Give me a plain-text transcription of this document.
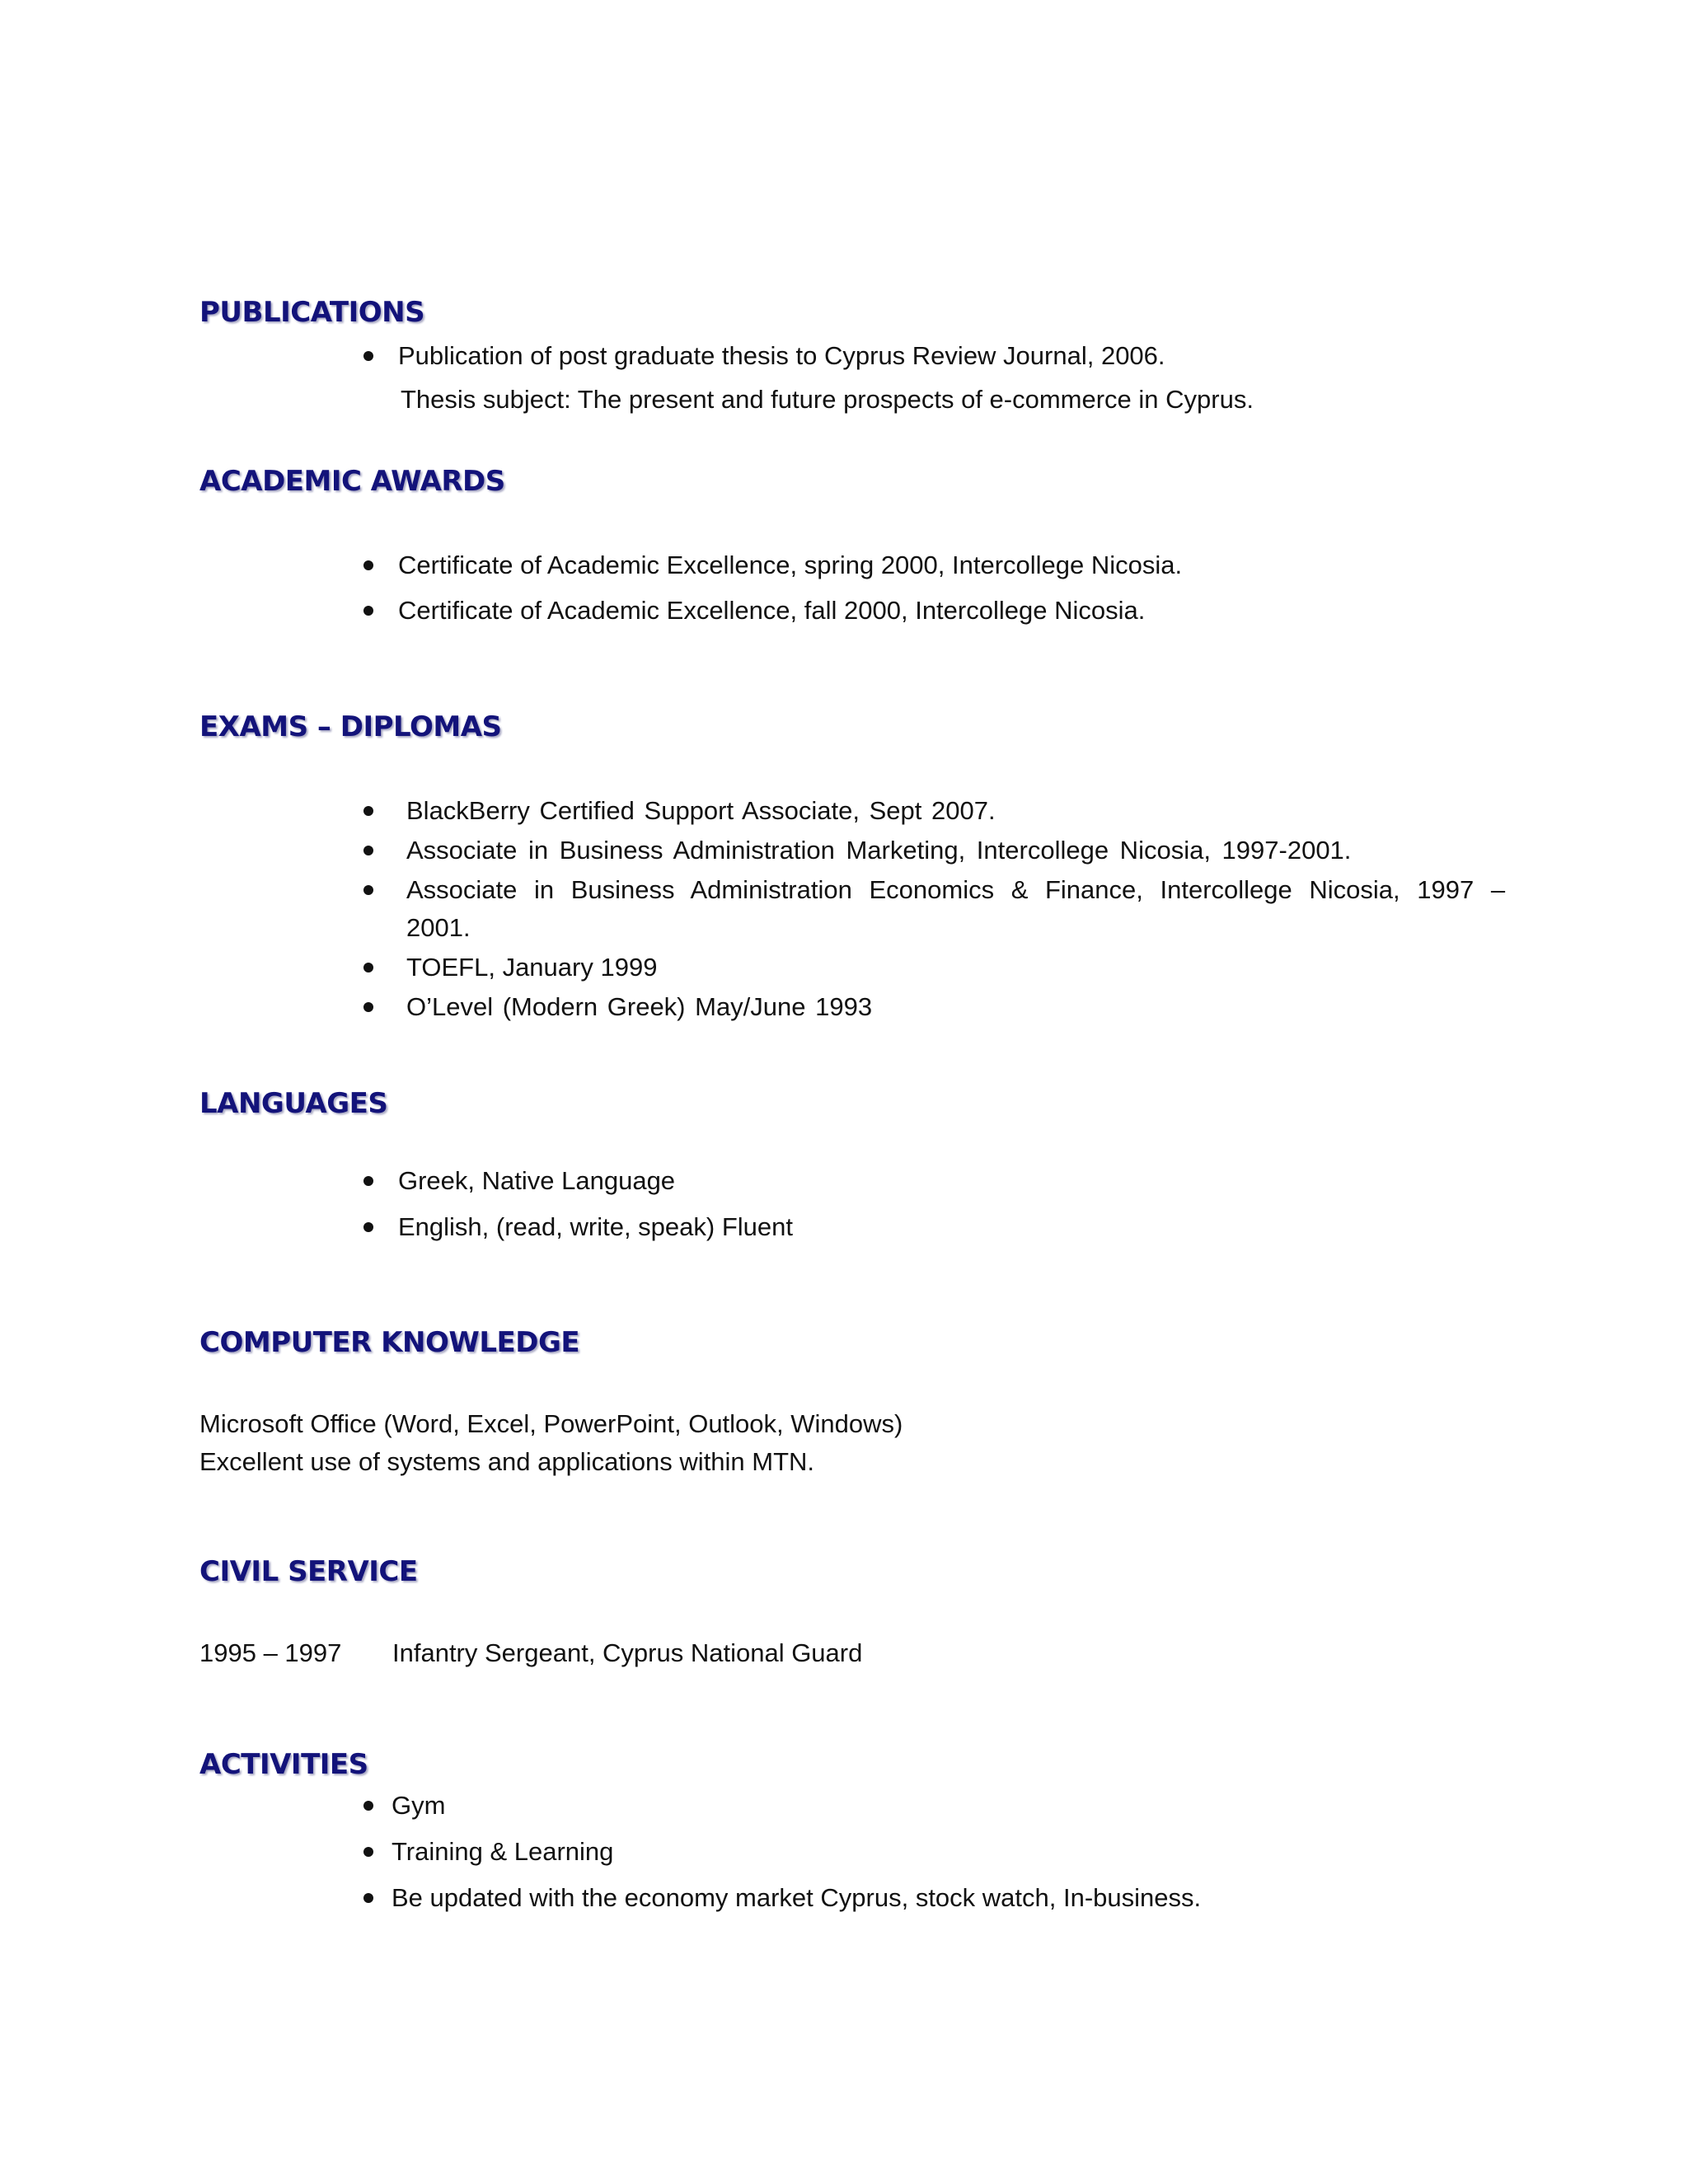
PUBLICATIONS

Publication of post graduate thesis to Cyprus Review Journal, 2006.

Thesis subject: The present and future prospects of e-commerce in Cyprus.

ACADEMIC AWARDS

Certificate of Academic Excellence, spring 2000, Intercollege Nicosia.

Certificate of Academic Excellence, fall 2000, Intercollege Nicosia.

EXAMS – DIPLOMAS

BlackBerry Certified Support Associate, Sept 2007.

Associate in Business Administration Marketing, Intercollege Nicosia, 1997-2001.

Associate in Business Administration Economics & Finance, Intercollege Nicosia, 1997 –

2001.

TOEFL, January 1999

O’Level (Modern Greek) May/June 1993

LANGUAGES

Greek, Native Language

English, (read, write, speak) Fluent

COMPUTER KNOWLEDGE

Microsoft Office (Word, Excel, PowerPoint, Outlook, Windows)

Excellent use of systems and applications within MTN.

CIVIL SERVICE

1995 – 1997 Infantry Sergeant, Cyprus National Guard

ACTIVITIES

Gym

Training & Learning

Be updated with the economy market Cyprus, stock watch, In-business.
